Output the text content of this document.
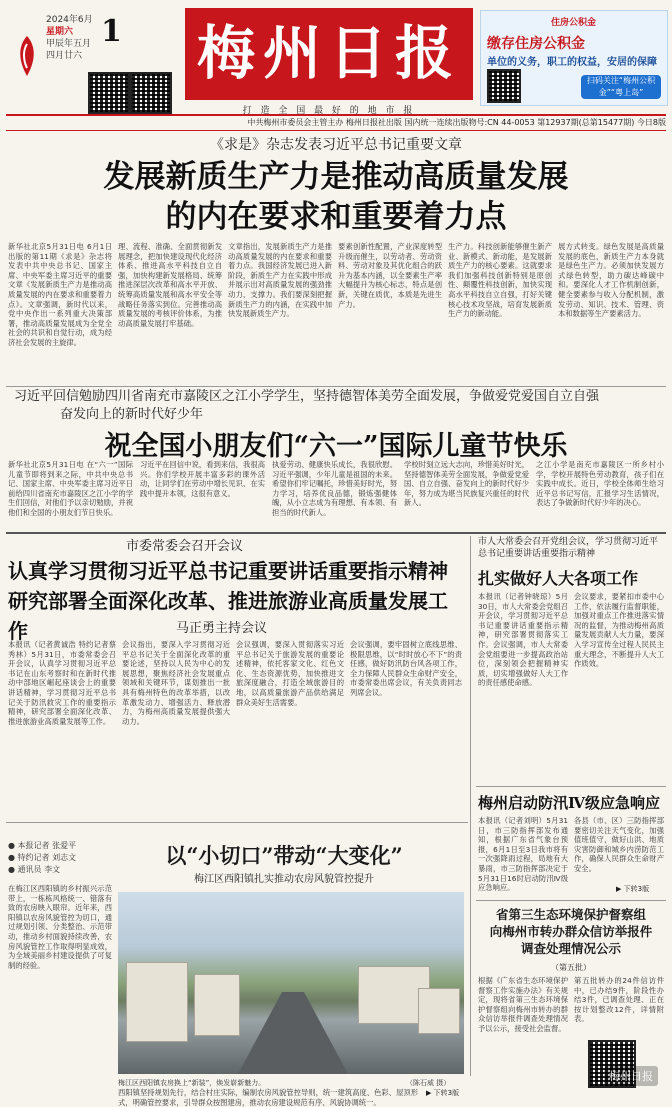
2024年6月
星期六
甲辰年五月
四月廿六
1 梅州日报
打 造 全 国 最 好 的 地 市 报
住房公积金
缴存住房公积金
单位的义务，职工的权益，安居的保障
扫码关注“梅州公积金”“粤上岛”
中共梅州市委员会主管主办 梅州日报社出版 国内统一连续出版物号:CN 44-0053 第12937期(总第15477期) 今日8版
《求是》杂志发表习近平总书记重要文章
发展新质生产力是推动高质量发展
的内在要求和重要着力点
新华社北京5月31日电 6月1日出版的第11期《求是》杂志将发表中共中央总书记、国家主席、中央军委主席习近平的重要文章《发展新质生产力是推动高质量发展的内在要求和重要着力点》。文章强调，新时代以来，党中央作出一系列重大决策部署，推动高质量发展成为全党全社会的共识和自觉行动，成为经济社会发展的主旋律。
理、流程、准确、全面贯彻新发展理念，把加快建设现代化经济体系、推进高水平科技自立自强，加快构建新发展格局、统筹推进深层次改革和高水平开放、统筹高质量发展和高水平安全等战略任务落实到位。完善推动高质量发展的考核评价体系，为推动高质量发展打牢基础。
文章指出，发展新质生产力是推动高质量发展的内在要求和重要着力点。我国经济发展已进入新阶段，新质生产力在实践中形成并展示出对高质量发展的强劲推动力、支撑力。我们要深刻把握新质生产力的内涵，在实践中加快发展新质生产力。
要素创新性配置，产业深度转型升级而催生，以劳动者、劳动资料、劳动对象及其优化组合的跃升为基本内涵，以全要素生产率大幅提升为核心标志，特点是创新，关键在质优，本质是先进生产力。
生产力。科技创新能够催生新产业、新模式、新动能，是发展新质生产力的核心要素。这就要求我们加强科技创新特别是原创性、颠覆性科技创新，加快实现高水平科技自立自强，打好关键核心技术攻坚战，培育发展新质生产力的新动能。
展方式转变。绿色发展是高质量发展的底色，新质生产力本身就是绿色生产力。必须加快发展方式绿色转型，助力碳达峰碳中和。要深化人才工作机制创新，健全要素参与收入分配机制，激发劳动、知识、技术、管理、资本和数据等生产要素活力。
习近平回信勉励四川省南充市嘉陵区之江小学学生，坚持德智体美劳全面发展，争做爱党爱国自立自强
奋发向上的新时代好少年
祝全国小朋友们“六一”国际儿童节快乐
新华社北京5月31日电 在“六一”国际儿童节即将到来之际，中共中央总书记、国家主席、中央军委主席习近平日前给四川省南充市嘉陵区之江小学的学生们回信，对他们予以亲切勉励，并祝他们和全国的小朋友们节日快乐。
习近平在回信中说，看到来信，我很高兴。你们学校开展丰富多彩的课外活动，让同学们在劳动中增长见识、在实践中提升本领，这很有意义。
执爱劳动、健康快乐成长，我很欣慰。习近平强调，少年儿童是祖国的未来。希望你们牢记嘱托，珍惜美好时光，努力学习，培养优良品德，锻炼强健体魄，从小立志成为有理想、有本领、有担当的时代新人。
学校时刻立远大志向，珍惜美好时光，坚持德智体美劳全面发展，争做爱党爱国、自立自强、奋发向上的新时代好少年，努力成为堪当民族复兴重任的时代新人。
之江小学是南充市嘉陵区一所乡村小学，学校开展特色劳动教育，孩子们在实践中成长。近日，学校全体师生给习近平总书记写信，汇报学习生活情况，表达了争做新时代好少年的决心。
市委常委会召开会议
认真学习贯彻习近平总书记重要讲话重要指示精神
研究部署全面深化改革、推进旅游业高质量发展工作	马正勇主持会议
本报讯（记者黄诚浩 特约记者蔡秀林）5月31日，市委常委会召开会议，认真学习贯彻习近平总书记在山东考察时和在新时代推动中部地区崛起座谈会上的重要讲话精神，学习贯彻习近平总书记关于防汛救灾工作的重要指示精神，研究部署全面深化改革、推进旅游业高质量发展等工作。
会议指出，要深入学习贯彻习近平总书记关于全面深化改革的重要论述，坚持以人民为中心的发展思想，聚焦经济社会发展重点领域和关键环节，谋划推出一批具有梅州特色的改革举措，以改革激发动力、增强活力、释放潜力，为梅州高质量发展提供强大动力。
会议强调，要深入贯彻落实习近平总书记关于旅游发展的重要论述精神，依托客家文化、红色文化、生态资源优势，加快推进文旅深度融合，打造全域旅游目的地，以高质量旅游产品供给满足群众美好生活需要。
会议强调，要牢固树立底线思维、极限思维，以“时时放心不下”的责任感，做好防汛防台风各项工作，全力保障人民群众生命财产安全，市委常委出席会议，有关负责同志列席会议。
市人大常委会召开党组会议，学习贯彻习近平总书记重要讲话重要指示精神
扎实做好人大各项工作
本报讯（记者钟晓琼）5月30日，市人大常委会党组召开会议，学习贯彻习近平总书记重要讲话重要指示精神，研究部署贯彻落实工作。会议强调，市人大常委会党组要进一步提高政治站位，深刻领会把握精神实质，切实增强做好人大工作的责任感使命感。
会议要求，要紧扣市委中心工作，依法履行监督职能，加强对重点工作推进落实情况的监督，为推动梅州高质量发展贡献人大力量，要深入学习宣传全过程人民民主重大理念，不断提升人大工作质效。
梅州启动防汛Ⅳ级应急响应
本报讯（记者刘明）5月31日，市三防指挥部发布通知，根据广东省气象台预报，6月1日至3日我市将有一次强降雨过程，局地有大暴雨，市三防指挥部决定于5月31日16时启动防汛Ⅳ级应急响应。
各县（市、区）三防指挥部要密切关注天气变化，加强值班值守，做好山洪、地质灾害防御和城乡内涝防范工作，确保人民群众生命财产安全。
▶ 下转3版
省第三生态环境保护督察组
向梅州市转办群众信访举报件
调查处理情况公示
（第五批）
根据《广东省生态环境保护督察工作实施办法》有关规定，现将省第三生态环境保护督察组向梅州市转办的群众信访举报件调查处理情况予以公示，接受社会监督。
第五批转办的24件信访件中，已办结9件，阶段性办结3件，已调查处理、正在按计划整改12件，详情附表。
● 本报记者 张爱平
● 特约记者 刘志文
● 通讯员 李文
以“小切口”带动“大变化”
梅江区西阳镇扎实推动农房风貌管控提升
在梅江区西阳镇的乡村振兴示范带上，一栋栋风格统一、错落有致的农房映入眼帘。近年来，西阳镇以农房风貌管控为切口，通过规划引领、分类整治、示范带动，推动乡村面貌持续改善，农房风貌管控工作取得明显成效，为全域美丽乡村建设提供了可复制的经验。
梅江区西阳镇农房换上“新装”，焕发崭新魅力。	（陈石威 摄）
西阳镇坚持规划先行，结合村庄实际，编制农房风貌管控导则，统一建筑高度、色彩、屋顶形式，明确管控要求，引导群众按图建房，推动农房建设规范有序、风貌协调统一。
▶ 下转3版
梅州日报
